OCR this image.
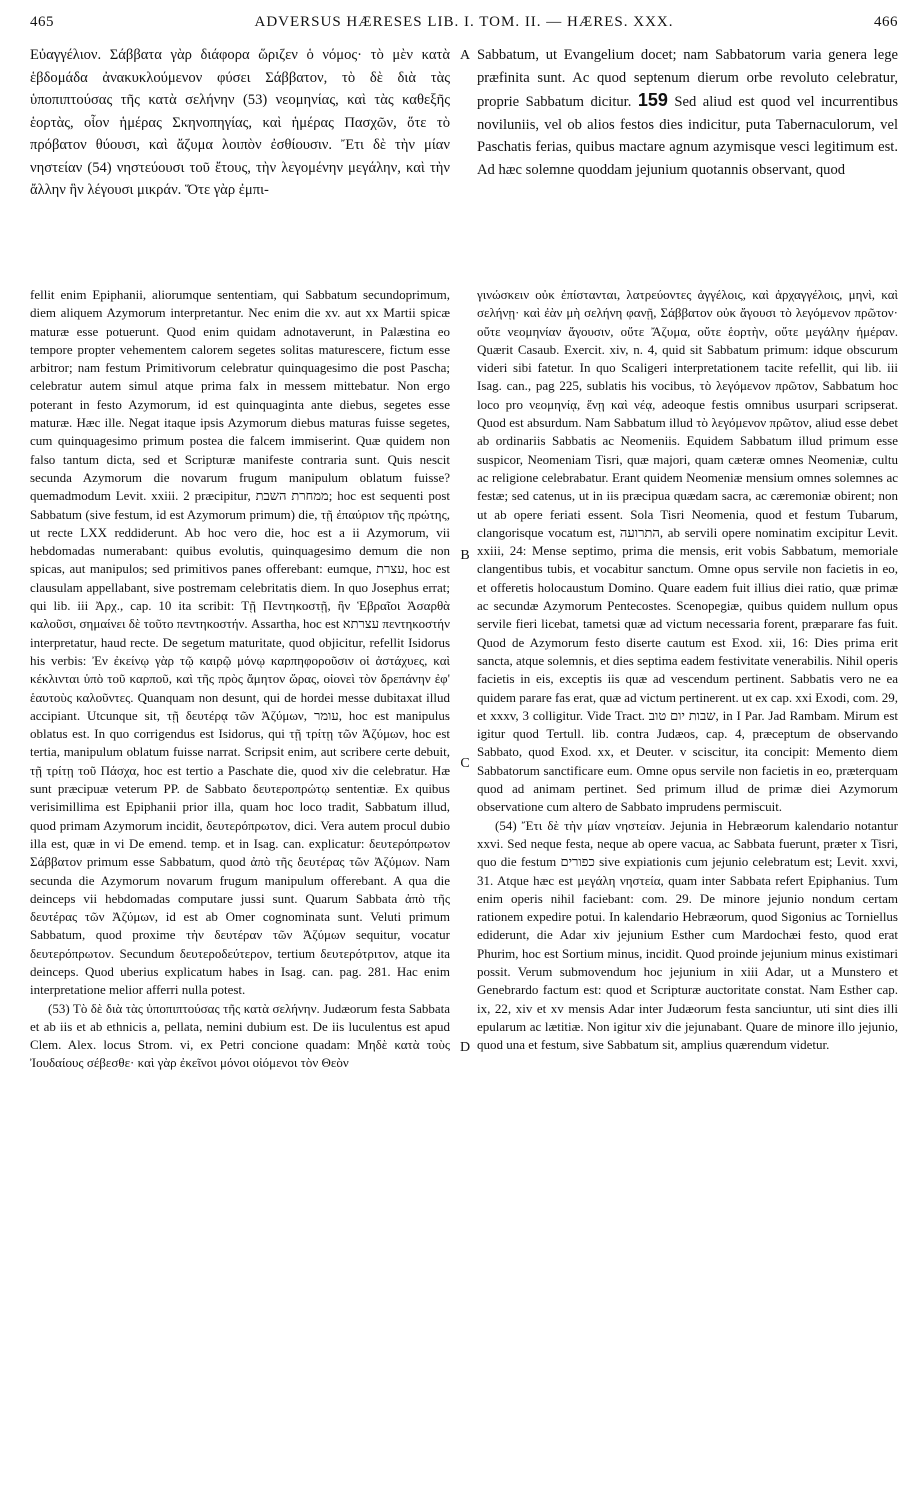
465	ADVERSUS HÆRESES LIB. I. TOM. II. — HÆRES. XXX.	466

Εὐαγγέλιον. Σάββατα γὰρ διάφορα ὥριζεν ὁ νόμος· τὸ μὲν κατὰ ἑβδομάδα ἀνακυκλούμενον φύσει Σάββατον, τὸ δὲ διὰ τὰς ὑποπιπτούσας τῆς κατὰ σελήνην (53) νεομηνίας, καὶ τὰς καθεξῆς ἑορτὰς, οἷον ἡμέρας Σκηνοπηγίας, καὶ ἡμέρας Πασχῶν, ὅτε τὸ πρόβατον θύουσι, καὶ ἄζυμα λοιπὸν ἐσθίουσιν. Ἔτι δὲ τὴν μίαν νηστείαν (54) νηστεύουσι τοῦ ἔτους, τὴν λεγομένην μεγάλην, καὶ τὴν ἄλλην ἣν λέγουσι μικράν. Ὅτε γὰρ ἐμπι-

Sabbatum, ut Evangelium docet; nam Sabbatorum varia genera lege præfinita sunt. Ac quod septenum dierum orbe revoluto celebratur, proprie Sabbatum dicitur. 159 Sed aliud est quod vel incurrentibus noviluniis, vel ob alios festos dies indicitur, puta Tabernaculorum, vel Paschatis ferias, quibus mactare agnum azymisque vesci legitimum est. Ad hæc solemne quoddam jejunium quotannis observant, quod

A
B
C
D

fellit enim Epiphanii, aliorumque sententiam, qui Sabbatum secundoprimum, diem aliquem Azymorum interpretantur. Nec enim die xv. aut xx Martii spicæ maturæ esse potuerunt. Quod enim quidam adnotaverunt, in Palæstina eo tempore propter vehementem calorem segetes solitas maturescere, fictum esse arbitror; nam festum Primitivorum celebratur quinquagesimo die post Pascha; celebratur autem simul atque prima falx in messem mittebatur. Non ergo poterant in festo Azymorum, id est quinquaginta ante diebus, segetes esse maturæ. Hæc ille. Negat itaque ipsis Azymorum diebus maturas fuisse segetes, cum quinquagesimo primum postea die falcem immiserint. Quæ quidem non falso tantum dicta, sed et Scripturæ manifeste contraria sunt. Quis nescit secunda Azymorum die novarum frugum manipulum oblatum fuisse? quemadmodum Levit. xxiii. 2 præcipitur, ממחרת השבת; hoc est sequenti post Sabbatum (sive festum, id est Azymorum primum) die, τῇ ἐπαύριον τῆς πρώτης, ut recte LXX reddiderunt. Ab hoc vero die, hoc est a ii Azymorum, vii hebdomadas numerabant: quibus evolutis, quinquagesimo demum die non spicas, aut manipulos; sed primitivos panes offerebant: eumque, עצרת, hoc est clausulam appellabant, sive postremam celebritatis diem. In quo Josephus errat; qui lib. iii Ἀρχ., cap. 10 ita scribit: Τῇ Πεντηκοστῇ, ἣν Ἑβραῖοι Ἀσαρθὰ καλοῦσι, σημαίνει δὲ τοῦτο πεντηκοστήν. Assartha, hoc est עצרתא πεντηκοστήν interpretatur, haud recte. De segetum maturitate, quod objicitur, refellit Isidorus his verbis: Ἐν ἐκείνῳ γὰρ τῷ καιρῷ μόνῳ καρπηφοροῦσιν οἱ ἀστάχυες, καὶ κέκλινται ὑπὸ τοῦ καρποῦ, καὶ τῆς πρὸς ἄμητον ὥρας, οἱονεὶ τὸν δρεπάνην ἐφ' ἑαυτοὺς καλοῦντες. Quanquam non desunt, qui de hordei messe dubitaxat illud accipiant. Utcunque sit, τῇ δευτέρᾳ τῶν Ἀζύμων, עומר, hoc est manipulus oblatus est. In quo corrigendus est Isidorus, qui τῇ τρίτῃ τῶν Ἀζύμων, hoc est tertia, manipulum oblatum fuisse narrat. Scripsit enim, aut scribere certe debuit, τῇ τρίτῃ τοῦ Πάσχα, hoc est tertio a Paschate die, quod xiv die celebratur. Hæ sunt præcipuæ veterum PP. de Sabbato δευτεροπρώτῳ sententiæ. Ex quibus verisimillima est Epiphanii prior illa, quam hoc loco tradit, Sabbatum illud, quod primam Azymorum incidit, δευτερόπρωτον, dici. Vera autem procul dubio illa est, quæ in vi De emend. temp. et in Isag. can. explicatur: δευτερόπρωτον Σάββατον primum esse Sabbatum, quod ἀπὸ τῆς δευτέρας τῶν Ἀζύμων. Nam secunda die Azymorum novarum frugum manipulum offerebant. A qua die deinceps vii hebdomadas computare jussi sunt. Quarum Sabbata ἀπὸ τῆς δευτέρας τῶν Ἀζύμων, id est ab Omer cognominata sunt. Veluti primum Sabbatum, quod proxime τὴν δευτέραν τῶν Ἀζύμων sequitur, vocatur δευτερόπρωτον. Secundum δευτεροδεύτερον, tertium δευτερότριτον, atque ita deinceps. Quod uberius explicatum habes in Isag. can. pag. 281. Hac enim interpretatione melior afferri nulla potest.

(53) Τὸ δὲ διὰ τὰς ὑποπιπτούσας τῆς κατὰ σελήνην. Judæorum festa Sabbata et ab iis et ab ethnicis a, pellata, nemini dubium est. De iis luculentus est apud Clem. Alex. locus Strom. vi, ex Petri concione quadam: Μηδὲ κατὰ τοὺς Ἰουδαίους σέβεσθε· καὶ γὰρ ἐκεῖνοι μόνοι οἰόμενοι τὸν Θεὸν

γινώσκειν οὐκ ἐπίστανται, λατρεύοντες ἀγγέλοις, καὶ ἀρχαγγέλοις, μηνὶ, καὶ σελήνῃ· καὶ ἐὰν μὴ σελήνη φανῇ, Σάββατον οὐκ ἄγουσι τὸ λεγόμενον πρῶτον· οὔτε νεομηνίαν ἄγουσιν, οὔτε Ἄζυμα, οὔτε ἑορτὴν, οὔτε μεγάλην ἡμέραν. Quærit Casaub. Exercit. xiv, n. 4, quid sit Sabbatum primum: idque obscurum videri sibi fatetur. In quo Scaligeri interpretationem tacite refellit, qui lib. iii Isag. can., pag 225, sublatis his vocibus, τὸ λεγόμενον πρῶτον, Sabbatum hoc loco pro νεομηνίᾳ, ἕνῃ καὶ νέᾳ, adeoque festis omnibus usurpari scripserat. Quod est absurdum. Nam Sabbatum illud τὸ λεγόμενον πρῶτον, aliud esse debet ab ordinariis Sabbatis ac Neomeniis. Equidem Sabbatum illud primum esse suspicor, Neomeniam Tisri, quæ majori, quam cæteræ omnes Neomeniæ, cultu ac religione celebrabatur. Erant quidem Neomeniæ mensium omnes solemnes ac festæ; sed catenus, ut in iis præcipua quædam sacra, ac cæremoniæ obirent; non ut ab opere feriati essent. Sola Tisri Neomenia, quod et festum Tubarum, clangorisque vocatum est, התרועה, ab servili opere nominatim excipitur Levit. xxiii, 24: Mense septimo, prima die mensis, erit vobis Sabbatum, memoriale clangentibus tubis, et vocabitur sanctum. Omne opus servile non facietis in eo, et offeretis holocaustum Domino. Quare eadem fuit illius diei ratio, quæ primæ ac secundæ Azymorum Pentecostes. Scenopegiæ, quibus quidem nullum opus servile fieri licebat, tametsi quæ ad victum necessaria forent, præparare fas fuit. Quod de Azymorum festo diserte cautum est Exod. xii, 16: Dies prima erit sancta, atque solemnis, et dies septima eadem festivitate venerabilis. Nihil operis facietis in eis, exceptis iis quæ ad vescendum pertinent. Sabbatis vero ne ea quidem parare fas erat, quæ ad victum pertinerent. ut ex cap. xxi Exodi, com. 29, et xxxv, 3 colligitur. Vide Tract. שבות יום טוב, in I Par. Jad Rambam. Mirum est igitur quod Tertull. lib. contra Judæos, cap. 4, præceptum de observando Sabbato, quod Exod. xx, et Deuter. v sciscitur, ita concipit: Memento diem Sabbatorum sanctificare eum. Omne opus servile non facietis in eo, præterquam quod ad animam pertinet. Sed primum illud de primæ diei Azymorum observatione cum altero de Sabbato imprudens permiscuit.

(54) Ἔτι δὲ τὴν μίαν νηστείαν. Jejunia in Hebræorum kalendario notantur xxvi. Sed neque festa, neque ab opere vacua, ac Sabbata fuerunt, præter x Tisri, quo die festum כפורים sive expiationis cum jejunio celebratum est; Levit. xxvi, 31. Atque hæc est μεγάλη νηστεία, quam inter Sabbata refert Epiphanius. Tum enim operis nihil faciebant: com. 29. De minore jejunio nondum certam rationem expedire potui. In kalendario Hebræorum, quod Sigonius ac Torniellus ediderunt, die Adar xiv jejunium Esther cum Mardochæi festo, quod erat Phurim, hoc est Sortium minus, incidit. Quod proinde jejunium minus existimari possit. Verum submovendum hoc jejunium in xiii Adar, ut a Munstero et Genebrardo factum est: quod et Scripturæ auctoritate constat. Nam Esther cap. ix, 22, xiv et xv mensis Adar inter Judæorum festa sanciuntur, uti sint dies illi epularum ac lætitiæ. Non igitur xiv die jejunabant. Quare de minore illo jejunio, quod una et festum, sive Sabbatum sit, amplius quærendum videtur.
